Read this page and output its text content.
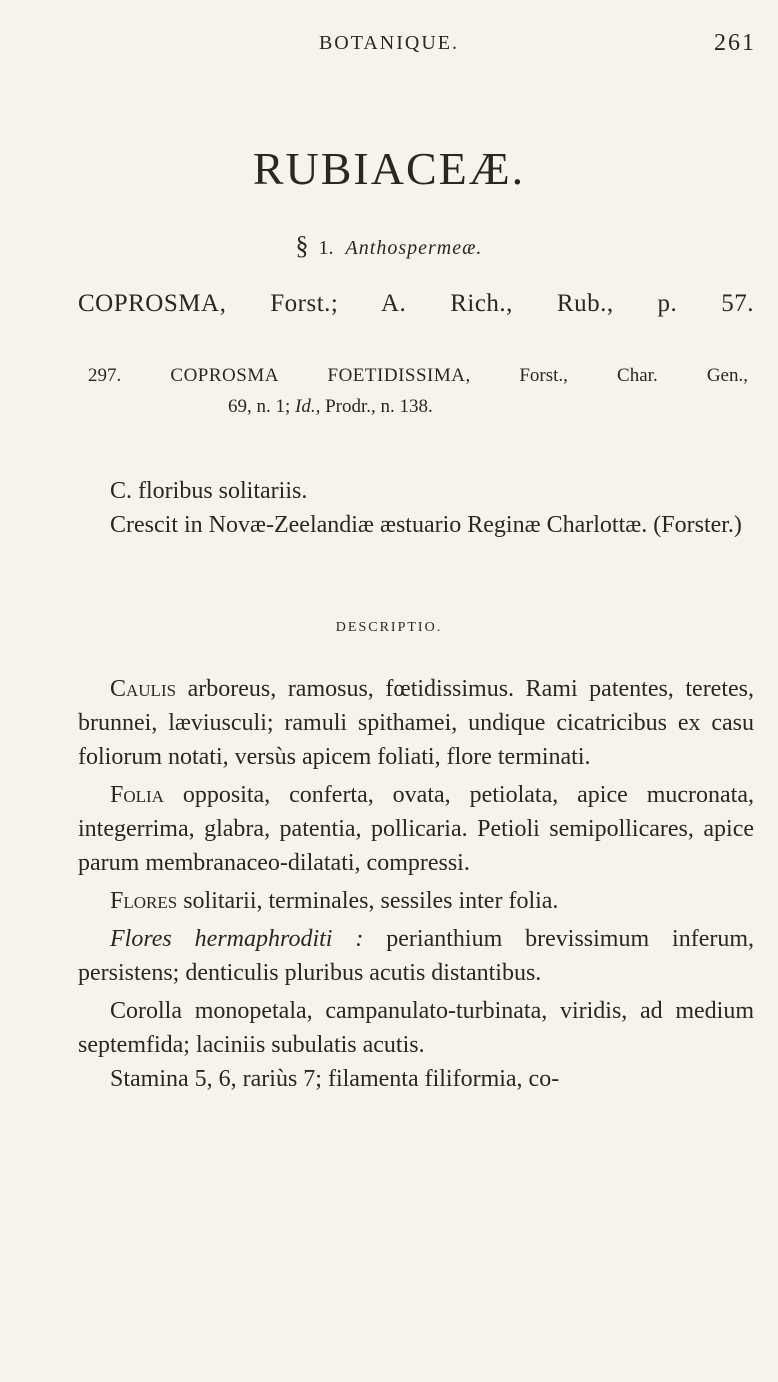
BOTANIQUE.	261
RUBIACEÆ.
§ 1. Anthospermeæ.
COPROSMA, Forst.; A. Rich., Rub., p. 57.
297.	COPROSMA FOETIDISSIMA, Forst., Char. Gen.,
69, n. 1; Id., Prodr., n. 138.

C. floribus solitariis.

Crescit in Novæ-Zeelandiæ æstuario Reginæ Charlottæ. (Forster.)

DESCRIPTIO.

Caulis arboreus, ramosus, fœtidissimus. Rami patentes, teretes, brunnei, læviusculi; ramuli spithamei, undique cicatricibus ex casu foliorum notati, versùs apicem foliati, flore terminati.

Folia opposita, conferta, ovata, petiolata, apice mucronata, integerrima, glabra, patentia, pollicaria. Petioli semipollicares, apice parum membranaceo-dilatati, compressi.

Flores solitarii, terminales, sessiles inter folia.

Flores hermaphroditi : perianthium brevissimum inferum, persistens; denticulis pluribus acutis distantibus.

Corolla monopetala, campanulato-turbinata, viridis, ad medium septemfida; laciniis subulatis acutis.

Stamina 5, 6, rariùs 7; filamenta filiformia, co-
